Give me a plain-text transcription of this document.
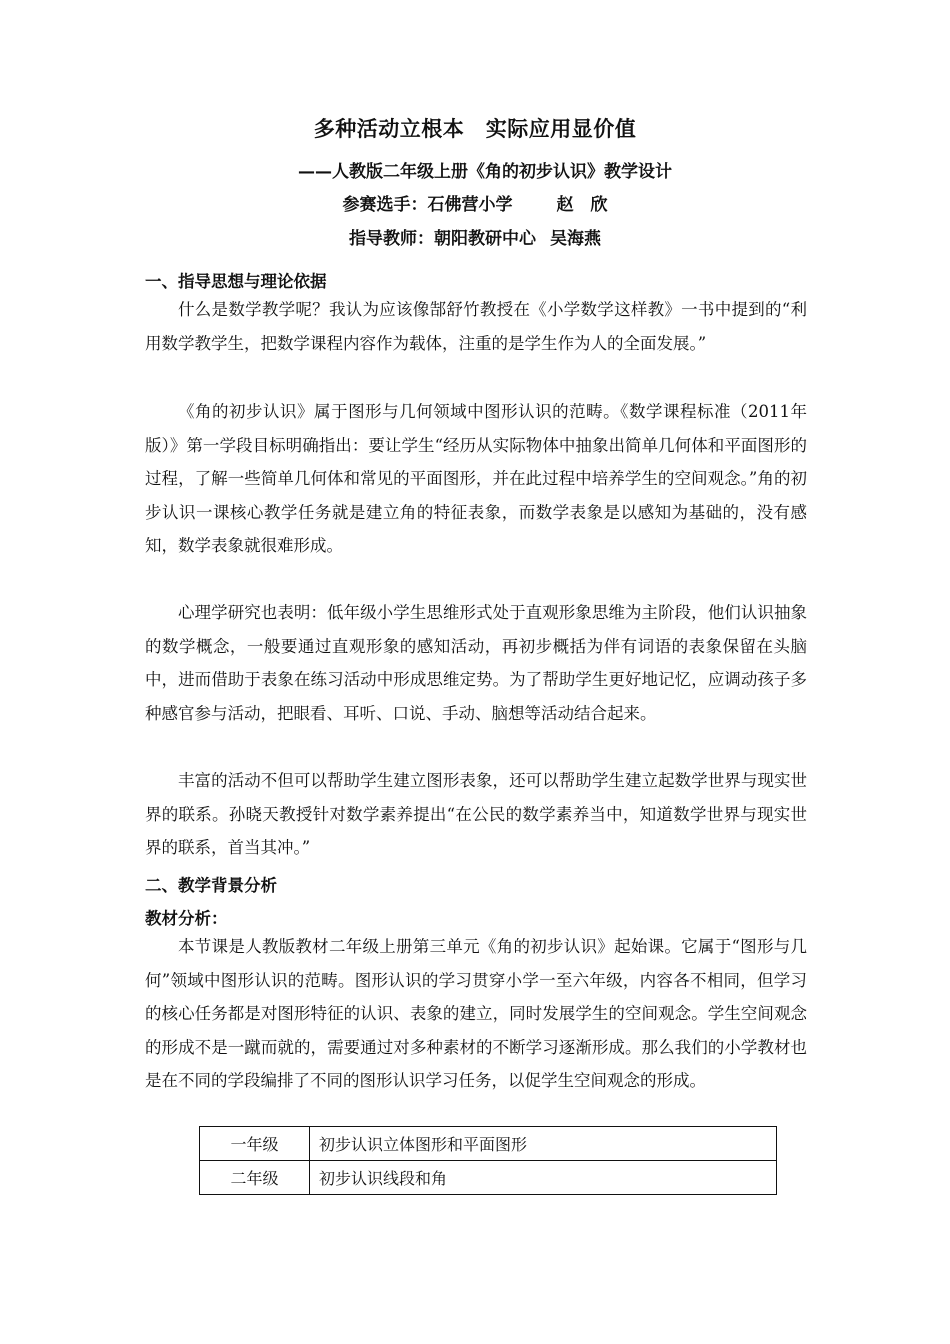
多种活动立根本　实际应用显价值
——人教版二年级上册《角的初步认识》教学设计
参赛选手：石佛营小学	赵　欣
指导教师：朝阳教研中心 吴海燕
一、指导思想与理论依据

什么是数学教学呢？我认为应该像郜舒竹教授在《小学数学这样教》一书中提到的“利用数学教学生，把数学课程内容作为载体，注重的是学生作为人的全面发展。”

《角的初步认识》属于图形与几何领域中图形认识的范畴。《数学课程标准（2011年版）》第一学段目标明确指出：要让学生“经历从实际物体中抽象出简单几何体和平面图形的过程，了解一些简单几何体和常见的平面图形，并在此过程中培养学生的空间观念。”角的初步认识一课核心教学任务就是建立角的特征表象，而数学表象是以感知为基础的，没有感知，数学表象就很难形成。

心理学研究也表明：低年级小学生思维形式处于直观形象思维为主阶段，他们认识抽象的数学概念，一般要通过直观形象的感知活动，再初步概括为伴有词语的表象保留在头脑中，进而借助于表象在练习活动中形成思维定势。为了帮助学生更好地记忆，应调动孩子多种感官参与活动，把眼看、耳听、口说、手动、脑想等活动结合起来。

丰富的活动不但可以帮助学生建立图形表象，还可以帮助学生建立起数学世界与现实世界的联系。孙晓天教授针对数学素养提出“在公民的数学素养当中，知道数学世界与现实世界的联系，首当其冲。”

二、教学背景分析
教材分析：

本节课是人教版教材二年级上册第三单元《角的初步认识》起始课。它属于“图形与几何”领域中图形认识的范畴。图形认识的学习贯穿小学一至六年级，内容各不相同，但学习的核心任务都是对图形特征的认识、表象的建立，同时发展学生的空间观念。学生空间观念的形成不是一蹴而就的，需要通过对多种素材的不断学习逐渐形成。那么我们的小学教材也是在不同的学段编排了不同的图形认识学习任务，以促学生空间观念的形成。

一年级	初步认识立体图形和平面图形
二年级	初步认识线段和角
